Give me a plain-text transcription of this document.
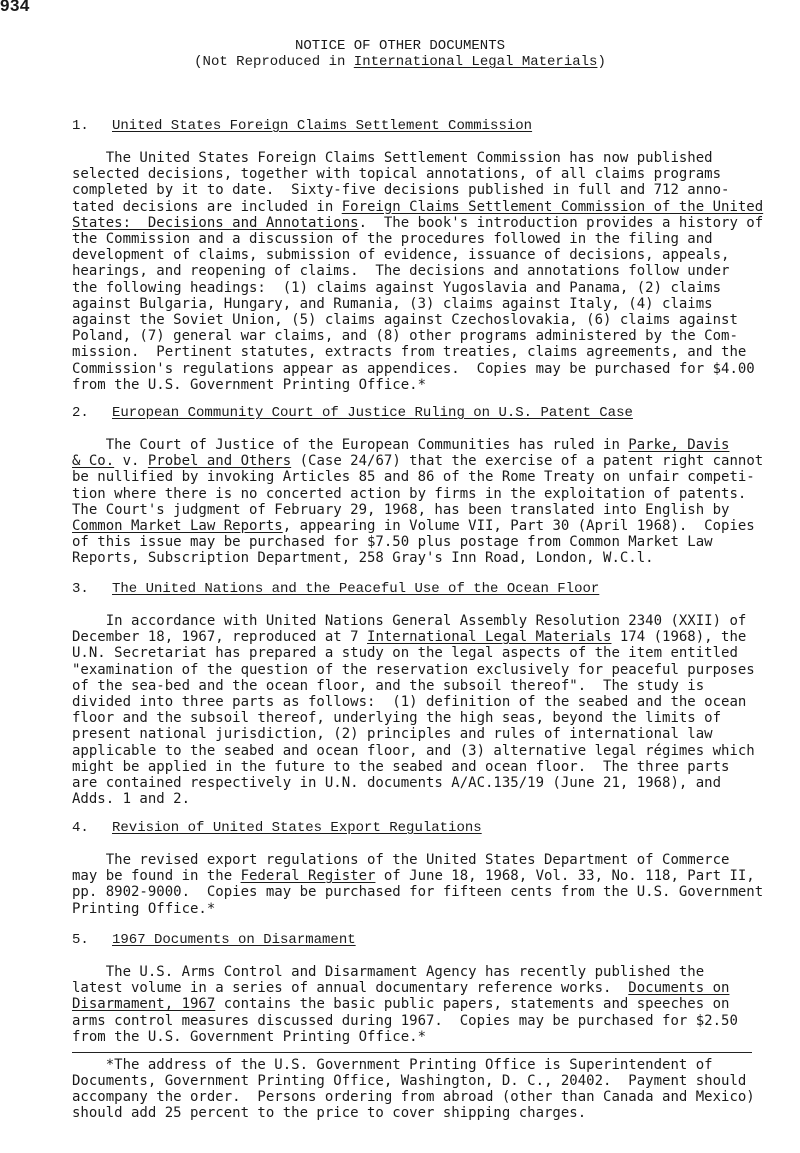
934
NOTICE OF OTHER DOCUMENTS
(Not Reproduced in International Legal Materials)
1. United States Foreign Claims Settlement Commission
The United States Foreign Claims Settlement Commission has now published
selected decisions, together with topical annotations, of all claims programs
completed by it to date.  Sixty-five decisions published in full and 712 anno-
tated decisions are included in Foreign Claims Settlement Commission of the United
States:  Decisions and Annotations.  The book's introduction provides a history of
the Commission and a discussion of the procedures followed in the filing and
development of claims, submission of evidence, issuance of decisions, appeals,
hearings, and reopening of claims.  The decisions and annotations follow under
the following headings:  (1) claims against Yugoslavia and Panama, (2) claims
against Bulgaria, Hungary, and Rumania, (3) claims against Italy, (4) claims
against the Soviet Union, (5) claims against Czechoslovakia, (6) claims against
Poland, (7) general war claims, and (8) other programs administered by the Com-
mission.  Pertinent statutes, extracts from treaties, claims agreements, and the
Commission's regulations appear as appendices.  Copies may be purchased for $4.00
from the U.S. Government Printing Office.*
2. European Community Court of Justice Ruling on U.S. Patent Case
The Court of Justice of the European Communities has ruled in Parke, Davis
& Co. v. Probel and Others (Case 24/67) that the exercise of a patent right cannot
be nullified by invoking Articles 85 and 86 of the Rome Treaty on unfair competi-
tion where there is no concerted action by firms in the exploitation of patents.
The Court's judgment of February 29, 1968, has been translated into English by
Common Market Law Reports, appearing in Volume VII, Part 30 (April 1968).  Copies
of this issue may be purchased for $7.50 plus postage from Common Market Law
Reports, Subscription Department, 258 Gray's Inn Road, London, W.C.l.
3. The United Nations and the Peaceful Use of the Ocean Floor
In accordance with United Nations General Assembly Resolution 2340 (XXII) of
December 18, 1967, reproduced at 7 International Legal Materials 174 (1968), the
U.N. Secretariat has prepared a study on the legal aspects of the item entitled
"examination of the question of the reservation exclusively for peaceful purposes
of the sea-bed and the ocean floor, and the subsoil thereof".  The study is
divided into three parts as follows:  (1) definition of the seabed and the ocean
floor and the subsoil thereof, underlying the high seas, beyond the limits of
present national jurisdiction, (2) principles and rules of international law
applicable to the seabed and ocean floor, and (3) alternative legal régimes which
might be applied in the future to the seabed and ocean floor.  The three parts
are contained respectively in U.N. documents A/AC.135/19 (June 21, 1968), and
Adds. 1 and 2.
4. Revision of United States Export Regulations
The revised export regulations of the United States Department of Commerce
may be found in the Federal Register of June 18, 1968, Vol. 33, No. 118, Part II,
pp. 8902-9000.  Copies may be purchased for fifteen cents from the U.S. Government
Printing Office.*
5. 1967 Documents on Disarmament
The U.S. Arms Control and Disarmament Agency has recently published the
latest volume in a series of annual documentary reference works.  Documents on
Disarmament, 1967 contains the basic public papers, statements and speeches on
arms control measures discussed during 1967.  Copies may be purchased for $2.50
from the U.S. Government Printing Office.*
*The address of the U.S. Government Printing Office is Superintendent of
Documents, Government Printing Office, Washington, D. C., 20402.  Payment should
accompany the order.  Persons ordering from abroad (other than Canada and Mexico)
should add 25 percent to the price to cover shipping charges.
